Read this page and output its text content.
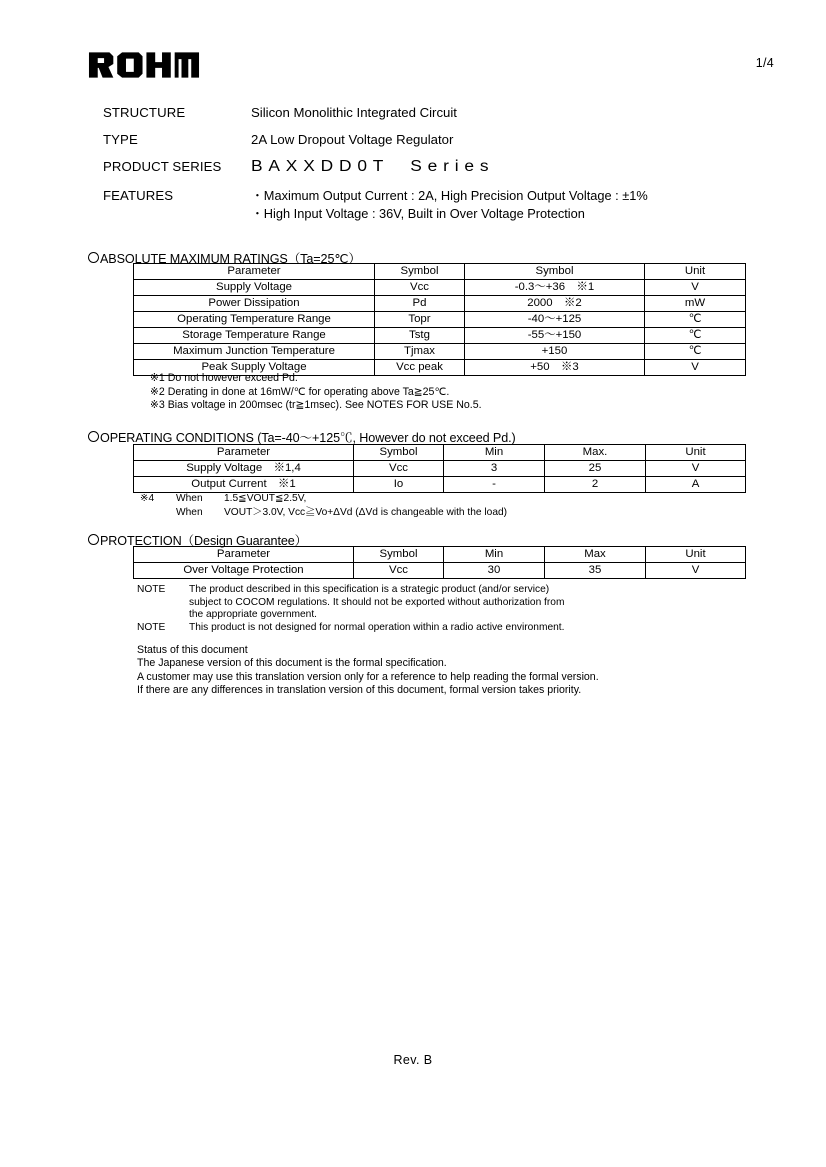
1/4
STRUCTURE	Silicon Monolithic Integrated Circuit
TYPE	2A Low Dropout Voltage Regulator
PRODUCT SERIES	BAXXDD0T  Series
FEATURES	・Maximum Output Current : 2A, High Precision Output Voltage : ±1%
・High Input Voltage : 36V, Built in Over Voltage Protection
ABSOLUTE MAXIMUM RATINGS（Ta=25℃）
Parameter	Symbol	Symbol	Unit
Supply Voltage	Vcc	-0.3〜+36　※1	V
Power Dissipation	Pd	2000　※2	mW
Operating Temperature Range	Topr	-40〜+125	℃
Storage Temperature Range	Tstg	-55〜+150	℃
Maximum Junction Temperature	Tjmax	+150	℃
Peak Supply Voltage	Vcc peak	+50　※3	V
※1 Do not however exceed Pd.
※2 Derating in done at 16mW/℃ for operating above Ta≧25℃.
※3 Bias voltage in 200msec (tr≧1msec). See NOTES FOR USE No.5.
OPERATING CONDITIONS (Ta=-40〜+125℃, However do not exceed Pd.)
Parameter	Symbol	Min	Max.	Unit
Supply Voltage　※1,4	Vcc	3	25	V
Output Current　※1	Io	-	2	A
※4 When 1.5≦VOUT≦2.5V,
When VOUT＞3.0V, Vcc≧Vo+ΔVd (ΔVd is changeable with the load)
PROTECTION（Design Guarantee）
Parameter	Symbol	Min	Max	Unit
Over Voltage Protection	Vcc	30	35	V
NOTE	The product described in this specification is a strategic product (and/or service)
subject to COCOM regulations. It should not be exported without authorization from
the appropriate government.
NOTE	This product is not designed for normal operation within a radio active environment.
Status of this document
The Japanese version of this document is the formal specification.
A customer may use this translation version only for a reference to help reading the formal version.
If there are any differences in translation version of this document, formal version takes priority.
Rev. B
